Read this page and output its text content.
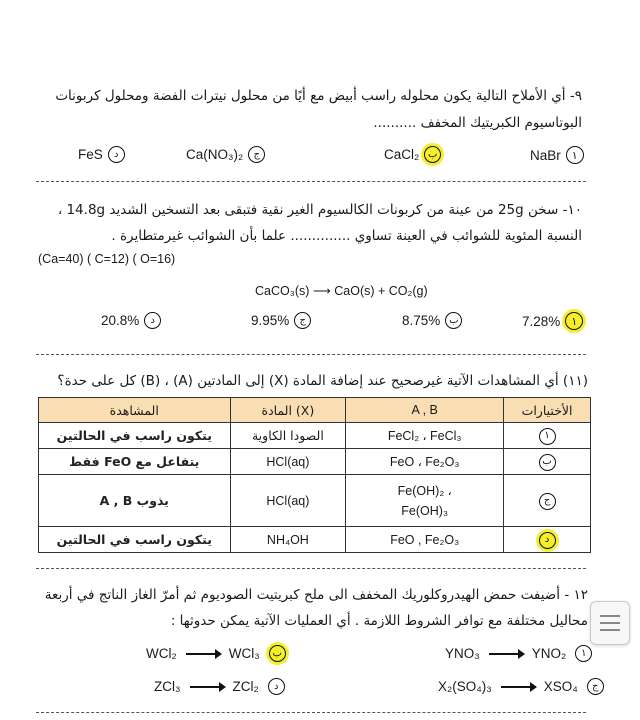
٩- أي الأملاح التالية يكون محلوله راسب أبيض مع أيًا من محلول نيترات الفضة ومحلول كربونات
البوتاسيوم الكبريتيك المخفف ..........
NaBr	١
CaCl₂ ب
Ca(NO₃)₂	ج
FeS	د
١٠- سخن 25g من عينة من كربونات الكالسيوم الغير نقية فتبقى بعد التسخين الشديد 14.8g ،
النسبة المئوية للشوائب في العينة تساوي .............. علما بأن الشوائب غيرمتطايرة .
(Ca=40) ( C=12) ( O=16)
CaCO₃(s) ⟶ CaO(s) + CO₂(g)
7.28%	١
8.75% ب
9.95%	ج
20.8%	د
(١١) أي المشاهدات الآتية غيرصحيح عند إضافة المادة (X) إلى المادتين (A) ، (B) كل على حدة؟
المشاهدة	المادة (X)	A , B	الأختيارات
يتكون راسب في الحالتين	الصودا الكاوية	FeCl₂ ، FeCl₃	١
يتفاعل مع FeO فقط	HCl(aq)	FeO ، Fe₂O₃	ب
يذوب A , B	HCl(aq)	Fe(OH)₂ ، Fe(OH)₃	ج
يتكون راسب في الحالتين	NH₄OH	FeO , Fe₂O₃	د
١٢ - أضيفت حمض الهيدروكلوريك المخفف الى ملح كبريتيت الصوديوم ثم أمرّ الغاز الناتج في أربعة
محاليل مختلفة مع توافر الشروط اللازمة . أي العمليات الآتية يمكن حدوثها :
YNO₃	YNO₂	١
WCl₂	WCl₃	ب
X₂(SO₄)₃	XSO₄	ج
ZCl₃	ZCl₂	د
